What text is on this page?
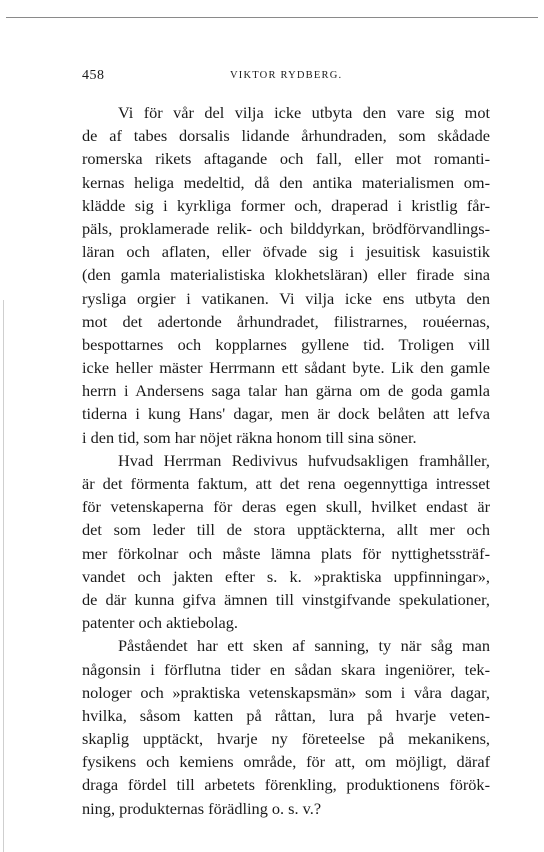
458	VIKTOR RYDBERG.

Vi för vår del vilja icke utbyta den vare sig mot
de af tabes dorsalis lidande århundraden, som skådade
romerska rikets aftagande och fall, eller mot romanti-
kernas heliga medeltid, då den antika materialismen om-
klädde sig i kyrkliga former och, draperad i kristlig får-
päls, proklamerade relik- och bilddyrkan, brödförvandlings-
läran och aflaten, eller öfvade sig i jesuitisk kasuistik
(den gamla materialistiska klokhetsläran) eller firade sina
rysliga orgier i vatikanen. Vi vilja icke ens utbyta den
mot det adertonde århundradet, filistrarnes, rouéernas,
bespottarnes och kopplarnes gyllene tid. Troligen vill
icke heller mäster Herrmann ett sådant byte. Lik den gamle
herrn i Andersens saga talar han gärna om de goda gamla
tiderna i kung Hans' dagar, men är dock belåten att lefva
i den tid, som har nöjet räkna honom till sina söner.

Hvad Herrman Redivivus hufvudsakligen framhåller,
är det förmenta faktum, att det rena oegennyttiga intresset
för vetenskaperna för deras egen skull, hvilket endast är
det som leder till de stora upptäckterna, allt mer och
mer förkolnar och måste lämna plats för nyttighetssträf-
vandet och jakten efter s. k. »praktiska uppfinningar»,
de där kunna gifva ämnen till vinstgifvande spekulationer,
patenter och aktiebolag.

Påståendet har ett sken af sanning, ty när såg man
någonsin i förflutna tider en sådan skara ingeniörer, tek-
nologer och »praktiska vetenskapsmän» som i våra dagar,
hvilka, såsom katten på råttan, lura på hvarje veten-
skaplig upptäckt, hvarje ny företeelse på mekanikens,
fysikens och kemiens område, för att, om möjligt, däraf
draga fördel till arbetets förenkling, produktionens förök-
ning, produkternas förädling o. s. v.?
